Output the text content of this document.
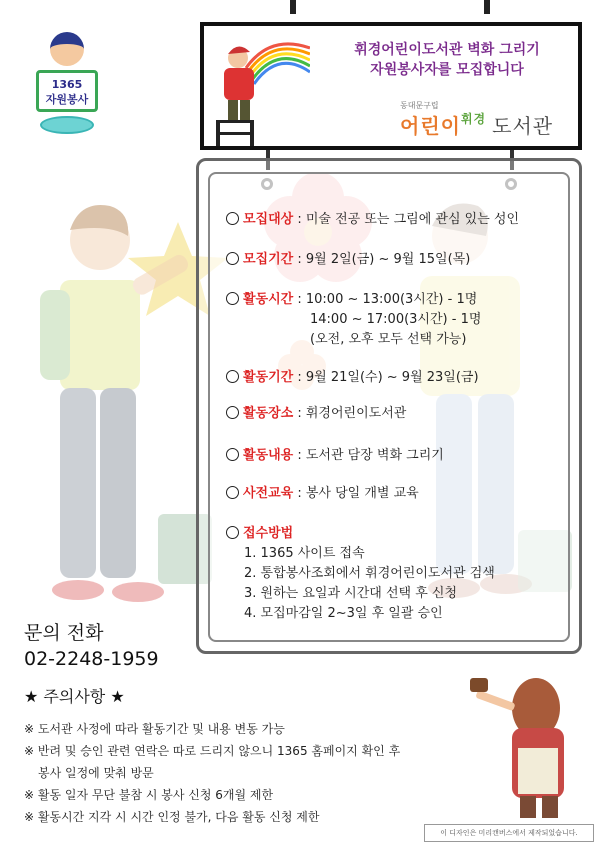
1365
자원봉사
휘경어린이도서관 벽화 그리기
자원봉사자를 모집합니다
동대문구립
어린이$^{휘경}$ 도서관
모집대상 : 미술 전공 또는 그림에 관심 있는 성인
모집기간 : 9월 2일(금) ~ 9월 15일(목)
활동시간 : 10:00 ~ 13:00(3시간) - 1명
14:00 ~ 17:00(3시간) - 1명
(오전, 오후 모두 선택 가능)
활동기간 : 9월 21일(수) ~ 9월 23일(금)
활동장소 : 휘경어린이도서관
활동내용 : 도서관 담장 벽화 그리기
사전교육 : 봉사 당일 개별 교육
접수방법
1. 1365 사이트 접속
2. 통합봉사조회에서 휘경어린이도서관 검색
3. 원하는 요일과 시간대 선택 후 신청
4. 모집마감일 2~3일 후 일괄 승인
문의 전화
02-2248-1959
★ 주의사항 ★
※ 도서관 사정에 따라 활동기간 및 내용 변동 가능
※ 반려 및 승인 관련 연락은 따로 드리지 않으니 1365 홈페이지 확인 후
봉사 일정에 맞춰 방문
※ 활동 일자 무단 불참 시 봉사 신청 6개월 제한
※ 활동시간 지각 시 시간 인정 불가, 다음 활동 신청 제한
이 디자인은 미리캔버스에서 제작되었습니다.
